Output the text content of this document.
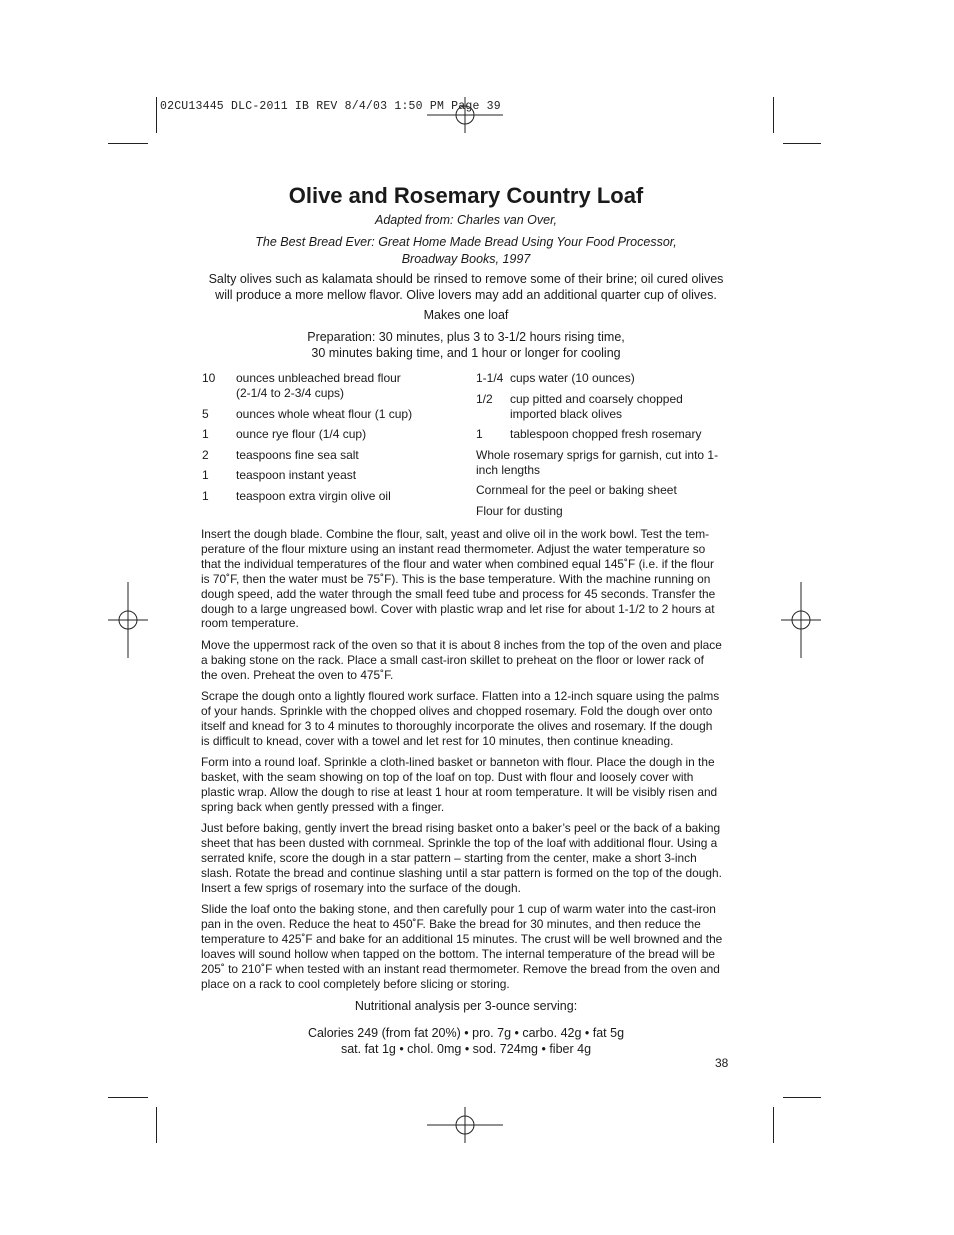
02CU13445 DLC-2011 IB REV 8/4/03 1:50 PM Page 39
Olive and Rosemary Country Loaf
Adapted from: Charles van Over,
The Best Bread Ever: Great Home Made Bread Using Your Food Processor,
Broadway Books, 1997
Salty olives such as kalamata should be rinsed to remove some of their brine; oil cured olives
will produce a more mellow flavor. Olive lovers may add an additional quarter cup of olives.
Makes one loaf
Preparation: 30 minutes, plus 3 to 3-1/2 hours rising time,
30 minutes baking time, and 1 hour or longer for cooling
10	ounces unbleached bread flour
(2-1/4 to 2-3/4 cups)
5	ounces whole wheat flour (1 cup)
1	ounce rye flour (1/4 cup)
2	teaspoons fine sea salt
1	teaspoon instant yeast
1	teaspoon extra virgin olive oil
1-1/4 cups water (10 ounces)
1/2	cup pitted and coarsely chopped
imported black olives
1	tablespoon chopped fresh rosemary
Whole rosemary sprigs for garnish, cut into 1-
inch lengths
Cornmeal for the peel or baking sheet
Flour for dusting

Insert the dough blade. Combine the flour, salt, yeast and olive oil in the work bowl. Test the tem-
perature of the flour mixture using an instant read thermometer. Adjust the water temperature so
that the individual temperatures of the flour and water when combined equal 145˚F (i.e. if the flour
is 70˚F, then the water must be 75˚F). This is the base temperature. With the machine running on
dough speed, add the water through the small feed tube and process for 45 seconds. Transfer the
dough to a large ungreased bowl. Cover with plastic wrap and let rise for about 1-1/2 to 2 hours at
room temperature.

Move the uppermost rack of the oven so that it is about 8 inches from the top of the oven and place
a baking stone on the rack. Place a small cast-iron skillet to preheat on the floor or lower rack of
the oven. Preheat the oven to 475˚F.

Scrape the dough onto a lightly floured work surface. Flatten into a 12-inch square using the palms
of your hands. Sprinkle with the chopped olives and chopped rosemary. Fold the dough over onto
itself and knead for 3 to 4 minutes to thoroughly incorporate the olives and rosemary. If the dough
is difficult to knead, cover with a towel and let rest for 10 minutes, then continue kneading.

Form into a round loaf. Sprinkle a cloth-lined basket or banneton with flour. Place the dough in the
basket, with the seam showing on top of the loaf on top. Dust with flour and loosely cover with
plastic wrap. Allow the dough to rise at least 1 hour at room temperature. It will be visibly risen and
spring back when gently pressed with a finger.

Just before baking, gently invert the bread rising basket onto a baker’s peel or the back of a baking
sheet that has been dusted with cornmeal. Sprinkle the top of the loaf with additional flour. Using a
serrated knife, score the dough in a star pattern – starting from the center, make a short 3-inch
slash. Rotate the bread and continue slashing until a star pattern is formed on the top of the dough.
Insert a few sprigs of rosemary into the surface of the dough.

Slide the loaf onto the baking stone, and then carefully pour 1 cup of warm water into the cast-iron
pan in the oven. Reduce the heat to 450˚F. Bake the bread for 30 minutes, and then reduce the
temperature to 425˚F and bake for an additional 15 minutes. The crust will be well browned and the
loaves will sound hollow when tapped on the bottom. The internal temperature of the bread will be
205˚ to 210˚F when tested with an instant read thermometer. Remove the bread from the oven and
place on a rack to cool completely before slicing or storing.

Nutritional analysis per 3-ounce serving:
Calories 249 (from fat 20%) • pro. 7g • carbo. 42g • fat 5g
sat. fat 1g • chol. 0mg • sod. 724mg • fiber 4g
38
